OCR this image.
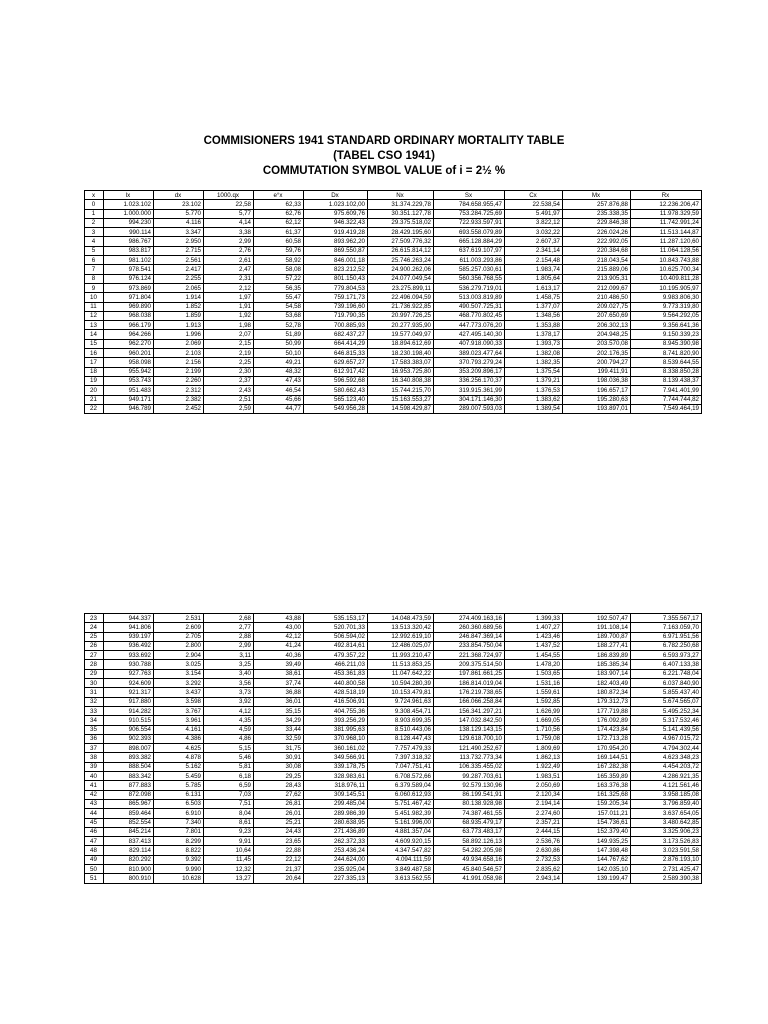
COMMISIONERS 1941 STANDARD ORDINARY MORTALITY TABLE
(TABEL CSO 1941)
COMMUTATION SYMBOL VALUE of i = 2½ %
x	lx	dx	1000.qx	e°x	Dx	Nx	Sx	Cx	Mx	Rx
0	1.023.102	23.102	22,58	62,33	1.023.102,00	31.374.229,78	784.658.955,47	22.538,54	257.876,88	12.236.206,47
1	1.000.000	5.770	5,77	62,76	975.609,76	30.351.127,78	753.284.725,69	5.491,97	235.338,35	11.978.329,59
2	994.230	4.116	4,14	62,12	946.322,43	29.375.518,02	722.933.597,91	3.822,12	229.846,38	11.742.991,24
3	990.114	3.347	3,38	61,37	919.419,28	28.429.195,60	693.558.079,89	3.032,22	226.024,26	11.513.144,87
4	986.767	2.950	2,99	60,58	893.962,20	27.509.776,32	665.128.884,29	2.607,37	222.992,05	11.287.120,60
5	983.817	2.715	2,76	59,76	869.550,87	26.615.814,12	637.619.107,97	2.341,14	220.384,68	11.064.128,56
6	981.102	2.561	2,61	58,92	846.001,18	25.746.263,24	611.003.293,86	2.154,48	218.043,54	10.843.743,88
7	978.541	2.417	2,47	58,08	823.212,52	24.900.262,06	585.257.030,61	1.983,74	215.889,06	10.625.700,34
8	976.124	2.255	2,31	57,22	801.150,43	24.077.049,54	560.356.768,55	1.805,64	213.905,31	10.409.811,28
9	973.869	2.065	2,12	56,35	779.804,53	23.275.899,11	536.279.719,01	1.613,17	212.099,67	10.195.905,97
10	971.804	1.914	1,97	55,47	759.171,73	22.496.094,59	513.003.819,89	1.458,75	210.486,50	9.983.806,30
11	969.890	1.852	1,91	54,58	739.196,60	21.736.922,85	490.507.725,31	1.377,07	209.027,75	9.773.319,80
12	968.038	1.859	1,92	53,68	719.790,35	20.997.726,25	468.770.802,45	1.348,56	207.650,69	9.564.292,05
13	966.179	1.913	1,98	52,78	700.885,93	20.277.935,90	447.773.076,20	1.353,88	206.302,13	9.356.641,36
14	964.266	1.996	2,07	51,89	682.437,27	19.577.049,97	427.495.140,30	1.378,17	204.948,25	9.150.339,23
15	962.270	2.069	2,15	50,99	664.414,29	18.894.612,69	407.918.090,33	1.393,73	203.570,08	8.945.390,98
16	960.201	2.103	2,19	50,10	646.815,33	18.230.198,40	389.023.477,64	1.382,08	202.176,35	8.741.820,90
17	958.098	2.156	2,25	49,21	629.657,27	17.583.383,07	370.793.279,24	1.382,35	200.794,27	8.539.644,55
18	955.942	2.199	2,30	48,32	612.917,42	16.953.725,80	353.209.896,17	1.375,54	199.411,91	8.338.850,28
19	953.743	2.260	2,37	47,43	596.592,68	16.340.808,38	336.256.170,37	1.379,21	198.036,38	8.139.438,37
20	951.483	2.312	2,43	46,54	580.662,43	15.744.215,70	319.915.361,99	1.376,53	196.657,17	7.941.401,99
21	949.171	2.382	2,51	45,66	565.123,40	15.163.553,27	304.171.146,30	1.383,62	195.280,63	7.744.744,82
22	946.789	2.452	2,59	44,77	549.956,28	14.598.429,87	289.007.593,03	1.389,54	193.897,01	7.549.464,19
23	944.337	2.531	2,68	43,88	535.153,17	14.048.473,59	274.409.163,16	1.399,33	192.507,47	7.355.567,17
24	941.806	2.609	2,77	43,00	520.701,33	13.513.320,42	260.360.689,56	1.407,27	191.108,14	7.163.059,70
25	939.197	2.705	2,88	42,12	506.594,02	12.992.619,10	246.847.369,14	1.423,46	189.700,87	6.971.951,56
26	936.492	2.800	2,99	41,24	492.814,61	12.486.025,07	233.854.750,04	1.437,52	188.277,41	6.782.250,68
27	933.692	2.904	3,11	40,36	479.357,22	11.993.210,47	221.368.724,97	1.454,55	186.839,89	6.593.973,27
28	930.788	3.025	3,25	39,49	466.211,03	11.513.853,25	209.375.514,50	1.478,20	185.385,34	6.407.133,38
29	927.763	3.154	3,40	38,61	453.361,83	11.047.642,22	197.861.661,25	1.503,65	183.907,14	6.221.748,04
30	924.609	3.292	3,56	37,74	440.800,58	10.594.280,39	186.814.019,04	1.531,16	182.403,49	6.037.840,90
31	921.317	3.437	3,73	36,88	428.518,19	10.153.479,81	176.219.738,65	1.559,61	180.872,34	5.855.437,40
32	917.880	3.598	3,92	36,01	416.506,91	9.724.961,63	166.066.258,84	1.592,85	179.312,73	5.674.565,07
33	914.282	3.767	4,12	35,15	404.755,36	9.308.454,71	156.341.297,21	1.626,99	177.719,88	5.495.252,34
34	910.515	3.961	4,35	34,29	393.256,29	8.903.699,35	147.032.842,50	1.669,05	176.092,89	5.317.532,46
35	906.554	4.161	4,59	33,44	381.995,63	8.510.443,06	138.129.143,15	1.710,56	174.423,84	5.141.439,56
36	902.393	4.386	4,86	32,59	370.968,10	8.128.447,43	129.618.700,10	1.759,08	172.713,28	4.967.015,72
37	898.007	4.625	5,15	31,75	360.161,02	7.757.479,33	121.490.252,67	1.809,69	170.954,20	4.794.302,44
38	893.382	4.878	5,46	30,91	349.566,91	7.397.318,32	113.732.773,34	1.862,13	169.144,51	4.623.348,23
39	888.504	5.162	5,81	30,08	339.178,75	7.047.751,41	106.335.455,02	1.922,49	167.282,38	4.454.203,72
40	883.342	5.459	6,18	29,25	328.983,61	6.708.572,66	99.287.703,61	1.983,51	165.359,89	4.286.921,35
41	877.883	5.785	6,59	28,43	318.976,11	6.379.589,04	92.579.130,96	2.050,69	163.376,38	4.121.561,46
42	872.098	6.131	7,03	27,62	309.145,51	6.060.612,93	86.199.541,91	2.120,34	161.325,68	3.958.185,08
43	865.967	6.503	7,51	26,81	299.485,04	5.751.467,42	80.138.928,98	2.194,14	159.205,34	3.796.859,40
44	859.464	6.910	8,04	26,01	289.986,39	5.451.982,39	74.387.461,55	2.274,60	157.011,21	3.637.654,05
45	852.554	7.340	8,61	25,21	280.638,95	5.161.996,00	68.935.479,17	2.357,21	154.736,61	3.480.642,85
46	845.214	7.801	9,23	24,43	271.436,89	4.881.357,04	63.773.483,17	2.444,15	152.379,40	3.325.906,23
47	837.413	8.299	9,91	23,65	262.372,33	4.609.920,15	58.892.126,13	2.536,76	149.935,25	3.173.526,83
48	829.114	8.822	10,64	22,88	253.436,24	4.347.547,82	54.282.205,98	2.630,86	147.398,48	3.023.591,58
49	820.292	9.392	11,45	22,12	244.624,00	4.094.111,59	49.934.658,16	2.732,53	144.767,62	2.876.193,10
50	810.900	9.990	12,32	21,37	235.925,04	3.849.487,58	45.840.546,57	2.835,62	142.035,10	2.731.425,47
51	800.910	10.628	13,27	20,64	227.335,13	3.613.562,55	41.991.058,98	2.943,14	139.199,47	2.589.390,38
